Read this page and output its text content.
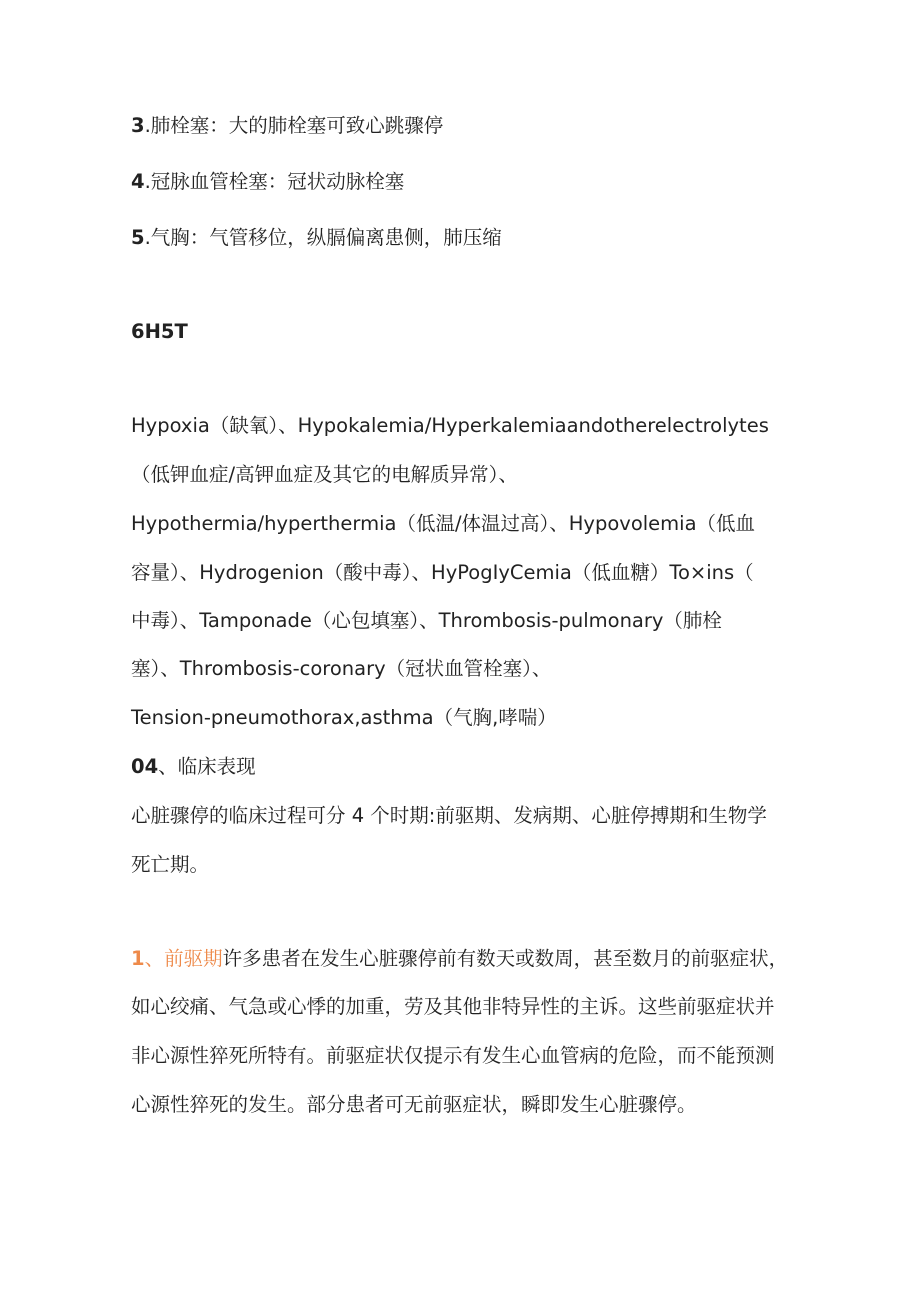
3.肺栓塞：大的肺栓塞可致心跳骤停
4.冠脉血管栓塞：冠状动脉栓塞
5.气胸：气管移位，纵膈偏离患侧，肺压缩
6H5T
Hypoxia（缺氧）、Hypokalemia/Hyperkalemiaandotherelectrolytes
（低钾血症/高钾血症及其它的电解质异常）、
Hypothermia/hyperthermia（低温/体温过高）、Hypovolemia（低血
容量）、Hydrogenion（酸中毒）、HyPogIyCemia（低血糖）To×ins（
中毒）、Tamponade（心包填塞）、Thrombosis-pulmonary（肺栓
塞）、Thrombosis-coronary（冠状血管栓塞）、
Tension-pneumothorax,asthma（气胸,哮喘）
04、临床表现
心脏骤停的临床过程可分 4 个时期:前驱期、发病期、心脏停搏期和生物学
死亡期。
1、前驱期许多患者在发生心脏骤停前有数天或数周，甚至数月的前驱症状，
如心绞痛、气急或心悸的加重，劳及其他非特异性的主诉。这些前驱症状并
非心源性猝死所特有。前驱症状仅提示有发生心血管病的危险，而不能预测
心源性猝死的发生。部分患者可无前驱症状，瞬即发生心脏骤停。
